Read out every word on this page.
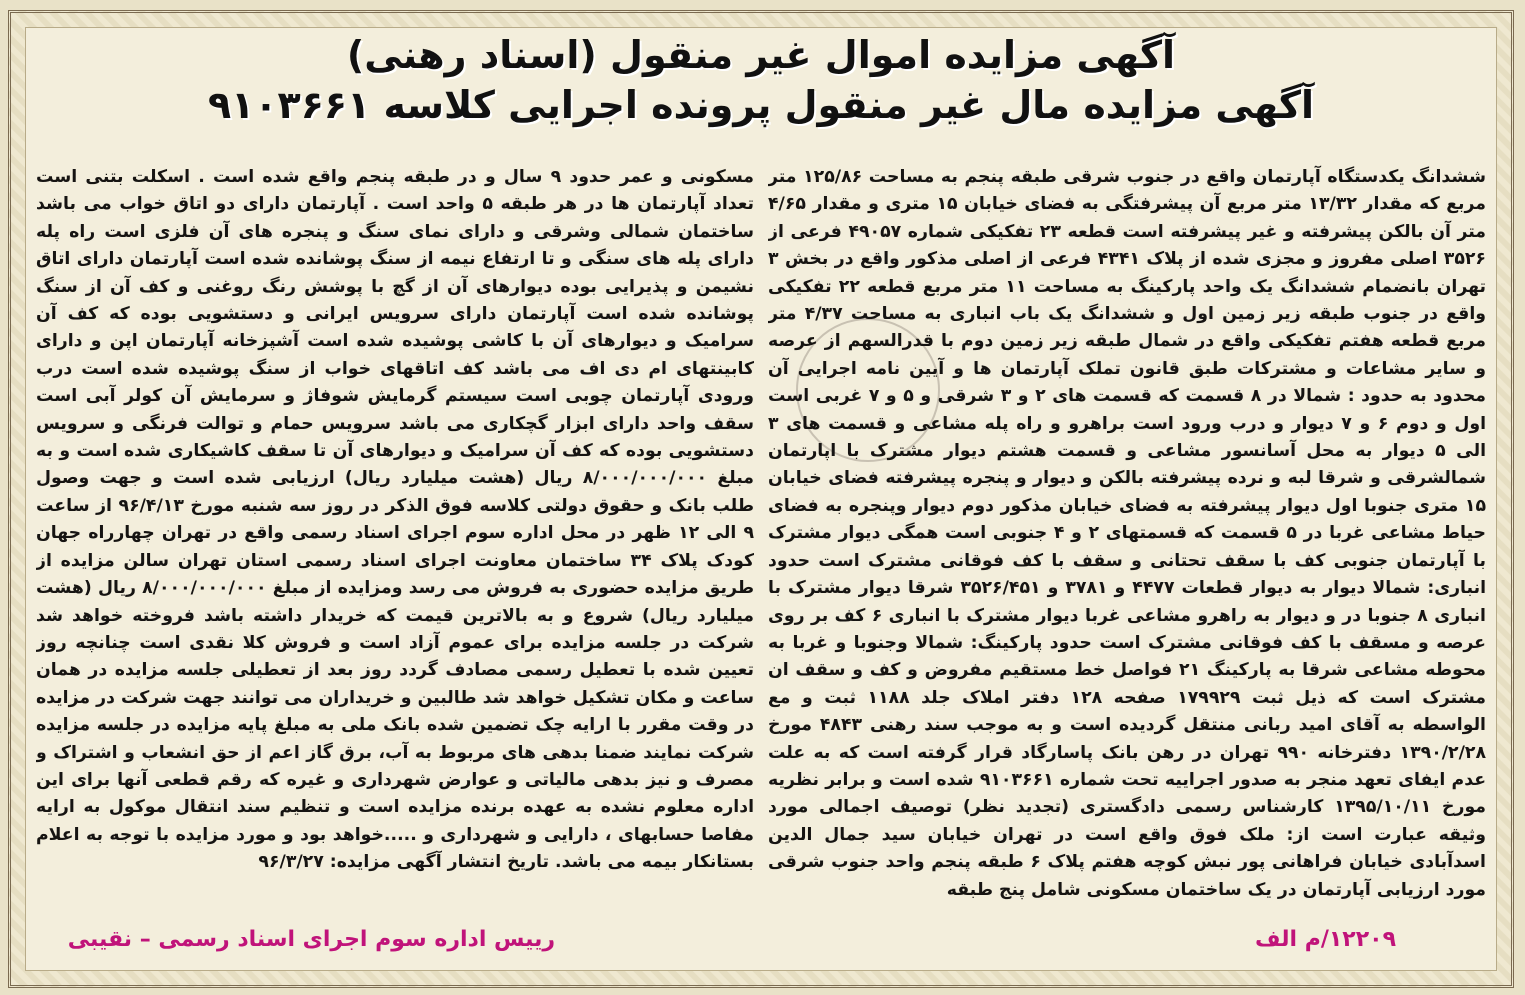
آگهی مزایده اموال غیر منقول (اسناد رهنی)
آگهی مزایده مال غیر منقول پرونده اجرایی کلاسه ۹۱۰۳۶۶۱

ششدانگ یکدستگاه آپارتمان واقع در جنوب شرقی طبقه پنجم به مساحت ۱۲۵/۸۶ متر مربع که مقدار ۱۳/۳۲ متر مربع آن پیشرفتگی به فضای خیابان ۱۵ متری و مقدار ۴/۶۵ متر آن بالکن پیشرفته و غیر پیشرفته است قطعه ۲۳ تفکیکی شماره ۴۹۰۵۷ فرعی از ۳۵۲۶ اصلی مفروز و مجزی شده از پلاک ۴۳۴۱ فرعی از اصلی مذکور واقع در بخش ۳ تهران بانضمام ششدانگ یک واحد پارکینگ به مساحت ۱۱ متر مربع قطعه ۲۲ تفکیکی واقع در جنوب طبقه زیر زمین اول و ششدانگ یک باب انباری به مساحت ۴/۳۷ متر مربع قطعه هفتم تفکیکی واقع در شمال طبقه زیر زمین دوم با قدرالسهم از عرصه و سایر مشاعات و مشترکات طبق قانون تملک آپارتمان ها و آیین نامه اجرایی آن محدود به حدود : شمالا در ۸ قسمت که قسمت های ۲ و ۳ شرقی و ۵ و ۷ غربی است اول و دوم ۶ و ۷ دیوار و درب ورود است براهرو و راه پله مشاعی و قسمت های ۳ الی ۵ دیوار به محل آسانسور مشاعی و قسمت هشتم دیوار مشترک با اپارتمان شمالشرقی و شرقا لبه و نرده پیشرفته بالکن و دیوار و پنجره پیشرفته فضای خیابان ۱۵ متری جنوبا اول دیوار پیشرفته به فضای خیابان مذکور دوم دیوار وپنجره به فضای حیاط مشاعی غربا در ۵ قسمت که قسمتهای ۲ و ۴ جنوبی است همگی دیوار مشترک با آپارتمان جنوبی کف با سقف تحتانی و سقف با کف فوقانی مشترک است حدود انباری: شمالا دیوار به دیوار قطعات ۴۴۷۷ و ۳۷۸۱ و ۳۵۲۶/۴۵۱ شرقا دیوار مشترک با انباری ۸ جنوبا در و دیوار به راهرو مشاعی غربا دیوار مشترک با انباری ۶ کف بر روی عرصه و مسقف با کف فوقانی مشترک است حدود پارکینگ: شمالا وجنوبا و غربا به محوطه مشاعی شرقا به پارکینگ ۲۱ فواصل خط مستقیم مفروض و کف و سقف ان مشترک است که ذیل ثبت ۱۷۹۹۲۹ صفحه ۱۲۸ دفتر املاک جلد ۱۱۸۸ ثبت و مع الواسطه به آقای امید ربانی منتقل گردیده است و به موجب سند رهنی ۴۸۴۳ مورخ ۱۳۹۰/۲/۲۸ دفترخانه ۹۹۰ تهران در رهن بانک پاسارگاد قرار گرفته است که به علت عدم ایفای تعهد منجر به صدور اجراییه تحت شماره ۹۱۰۳۶۶۱ شده است و برابر نظریه مورخ ۱۳۹۵/۱۰/۱۱ کارشناس رسمی دادگستری (تجدید نظر) توصیف اجمالی مورد وثیقه عبارت است از: ملک فوق واقع است در تهران خیابان سید جمال الدین اسدآبادی خیابان فراهانی پور نبش کوچه هفتم پلاک ۶ طبقه پنجم واحد جنوب شرقی مورد ارزیابی آپارتمان در یک ساختمان مسکونی شامل پنج طبقه

مسکونی و عمر حدود ۹ سال و در طبقه پنجم واقع شده است . اسکلت بتنی است تعداد آپارتمان ها در هر طبقه ۵ واحد است . آپارتمان دارای دو اتاق خواب می باشد ساختمان شمالی وشرقی و دارای نمای سنگ و پنجره های آن فلزی است راه پله دارای پله های سنگی و تا ارتفاع نیمه از سنگ پوشانده شده است آپارتمان دارای اتاق نشیمن و پذیرایی بوده دیوارهای آن از گچ با پوشش رنگ روغنی و کف آن از سنگ پوشانده شده است آپارتمان دارای سرویس ایرانی و دستشویی بوده که کف آن سرامیک و دیوارهای آن با کاشی پوشیده شده است آشپزخانه آپارتمان اپن و دارای کابینتهای ام دی اف می باشد کف اتاقهای خواب از سنگ پوشیده شده است درب ورودی آپارتمان چوبی است سیستم گرمایش شوفاژ و سرمایش آن کولر آبی است سقف واحد دارای ابزار گچکاری می باشد سرویس حمام و توالت فرنگی و سرویس دستشویی بوده که کف آن سرامیک و دیوارهای آن تا سقف کاشیکاری شده است و به مبلغ ۸/۰۰۰/۰۰۰/۰۰۰ ریال (هشت میلیارد ریال) ارزیابی شده است و جهت وصول طلب بانک و حقوق دولتی کلاسه فوق الذکر در روز سه شنبه مورخ ۹۶/۴/۱۳ از ساعت ۹ الی ۱۲ ظهر در محل اداره سوم اجرای اسناد رسمی واقع در تهران چهارراه جهان کودک پلاک ۳۴ ساختمان معاونت اجرای اسناد رسمی استان تهران سالن مزایده از طریق مزایده حضوری به فروش می رسد ومزایده از مبلغ ۸/۰۰۰/۰۰۰/۰۰۰ ریال (هشت میلیارد ریال) شروع و به بالاترین قیمت که خریدار داشته باشد فروخته خواهد شد شرکت در جلسه مزایده برای عموم آزاد است و فروش کلا نقدی است چنانچه روز تعیین شده با تعطیل رسمی مصادف گردد روز بعد از تعطیلی جلسه مزایده در همان ساعت و مکان تشکیل خواهد شد طالبین و خریداران می توانند جهت شرکت در مزایده در وقت مقرر با ارایه چک تضمین شده بانک ملی به مبلغ پایه مزایده در جلسه مزایده شرکت نمایند ضمنا بدهی های مربوط به آب، برق گاز اعم از حق انشعاب و اشتراک و مصرف و نیز بدهی مالیاتی و عوارض شهرداری و غیره که رقم قطعی آنها برای این اداره معلوم نشده به عهده برنده مزایده است و تنظیم سند انتقال موکول به ارایه مفاصا حسابهای ، دارایی و شهرداری و .....خواهد بود و مورد مزایده با توجه به اعلام بستانکار بیمه می باشد. تاریخ انتشار آگهی مزایده: ۹۶/۳/۲۷

۱۲۲۰۹/م الف
رییس اداره سوم اجرای اسناد رسمی – نقیبی
